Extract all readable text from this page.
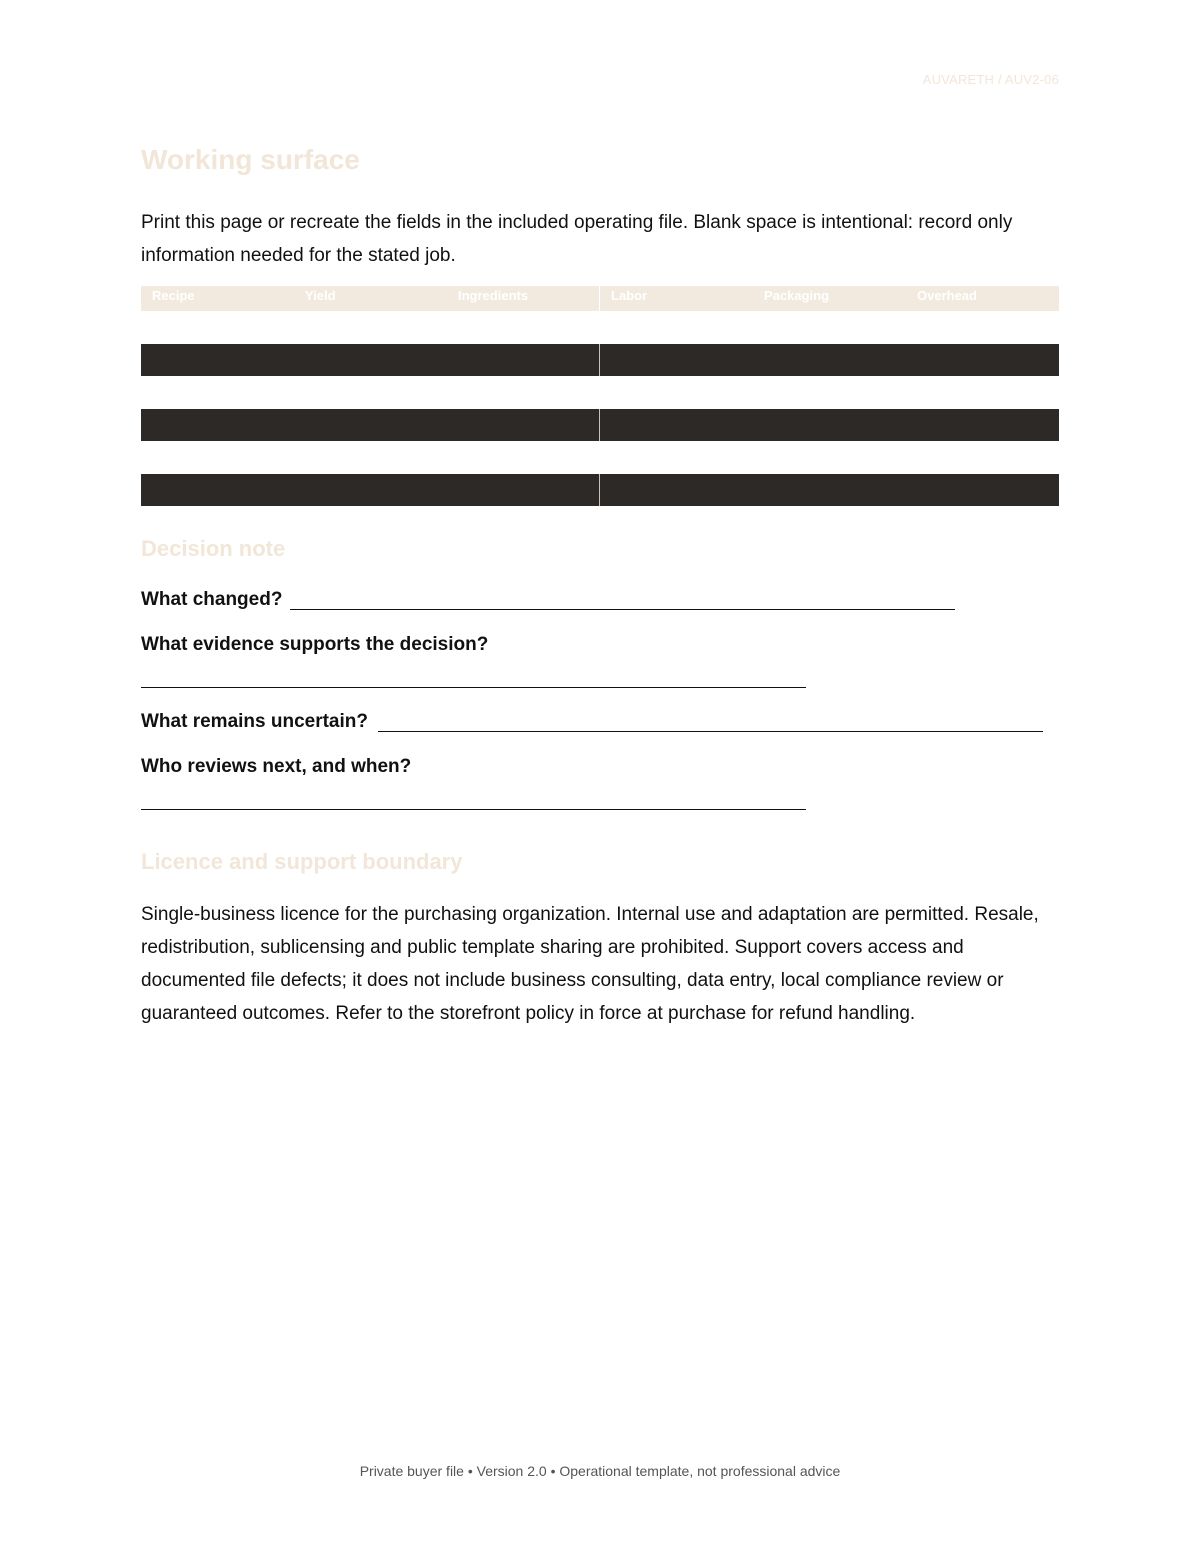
AUVARETH / AUV2-06
Working surface

Print this page or recreate the fields in the included operating file. Blank space is intentional: record only information needed for the stated job.

Recipe	Yield	Ingredients	Labor	Packaging	Overhead
Decision note

What changed?

What evidence supports the decision?

What remains uncertain?

Who reviews next, and when?

Licence and support boundary

Single-business licence for the purchasing organization. Internal use and adaptation are permitted. Resale, redistribution, sublicensing and public template sharing are prohibited. Support covers access and documented file defects; it does not include business consulting, data entry, local compliance review or guaranteed outcomes. Refer to the storefront policy in force at purchase for refund handling.

Private buyer file • Version 2.0 • Operational template, not professional advice
